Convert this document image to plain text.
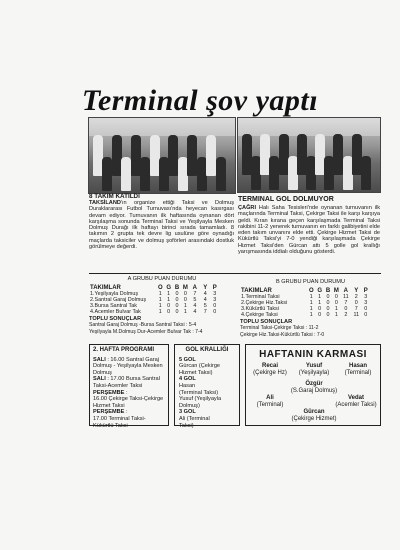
Terminal şov yaptı
8 TAKIM KATILDI
TAKSİLAND'ın organize ettiği Taksi ve Dolmuş Duraklararası Futbol Turnuvası'nda heyecan kasırgası devam ediyor. Turnuvanın ilk haftasında oynanan dört karşılaşma sonunda Terminal Taksi ve Yeşilyayla Mesken Dolmuş Durağı ilk haftayı birinci sırada tamamladı. 8 takımın 2 grupta tek devre lig usulüne göre oynadığı maçlarda taksiciler ve dolmuş şoförleri arasındaki dostluk görülmeye değerdi.
TERMINAL GOL DOLMUYOR
ÇAĞRI Halı Saha Tesisleri'nde oynanan turnuvanın ilk maçlarında Terminal Taksi, Çekirge Taksi ile karşı karşıya geldi. Kıran kırana geçen karşılaşmada Terminal Taksi rakibini 11-2 yenerek turnuvanın en farklı galibiyetini elde eden takım unvanını elde etti. Çekirge Hizmet Taksi de Kükürtlü Taksi'yi 7-0 yendiği karşılaşmada Çekirge Hizmet Taksi'den Gürcan attı 5 golle gol krallığı yarışmasında iddialı olduğunu gösterdi.
A GRUBU PUAN DURUMU
TAKIMLAR	O	G	B	M	A	Y	P
1.Yeşilyayla Dolmuş	1	1	0	0	7	4	3
2.Santral Garaj Dolmuş	1	1	0	0	5	4	3
3.Bursa Santral Tak	1	0	0	1	4	5	0
4.Acemler Bulvar Tak	1	0	0	1	4	7	0
TOPLU SONUÇLAR
Santral Garaj Dolmuş -Bursa Santral Taksi : 5-4
Yeşilyayla M.Dolmuş Dur-Acemler Bulvar Tak : 7-4
B GRUBU PUAN DURUMU
TAKIMLAR	O	G	B	M	A	Y	P
1.Terminal Taksi	1	1	0	0	11	2	3
2.Çekirge Hiz.Taksi	1	1	0	0	7	0	3
3.Kükürtlü Taksi	1	0	0	1	0	7	0
4.Çekirge Taksi	1	0	0	1	2	11	0
TOPLU SONUÇLAR
Terminal Taksi-Çekirge Taksi : 11-2
Çekirge Hiz.Taksi-Kükürtlü Taksi : 7-0
2. HAFTA PROGRAMI
SALI : 16.00 Santral Garaj Dolmuş - Yeşilyayla Mesken Dolmuş
SALI : 17.00 Bursa Santral Taksi-Acemler Taksi
PERŞEMBE :
16.00 Çekirge Taksi-Çekirge Hizmet Taksi
PERŞEMBE :
17.00 Terminal Taksi-Kükürtlü Taksi
GOL KRALLIĞI
5 GOL
Gürcan (Çekirge
Hizmet Taksi)
4 GOL
Hasan
(Terminal Taksi)
Yusuf (Yeşilyayla
Dolmuş)
3 GOL
Ali (Terminal
Taksi)
HAFTANIN KARMASI
Recai
(Çekirge Hz)
Yusuf
(Yeşilyayla)
Hasan
(Terminal)
Özgür
(S.Garaj Dolmuş)
Ali
(Terminal)
Vedat
(Acemler Taksi)
Gürcan
(Çekirge Hizmet)
